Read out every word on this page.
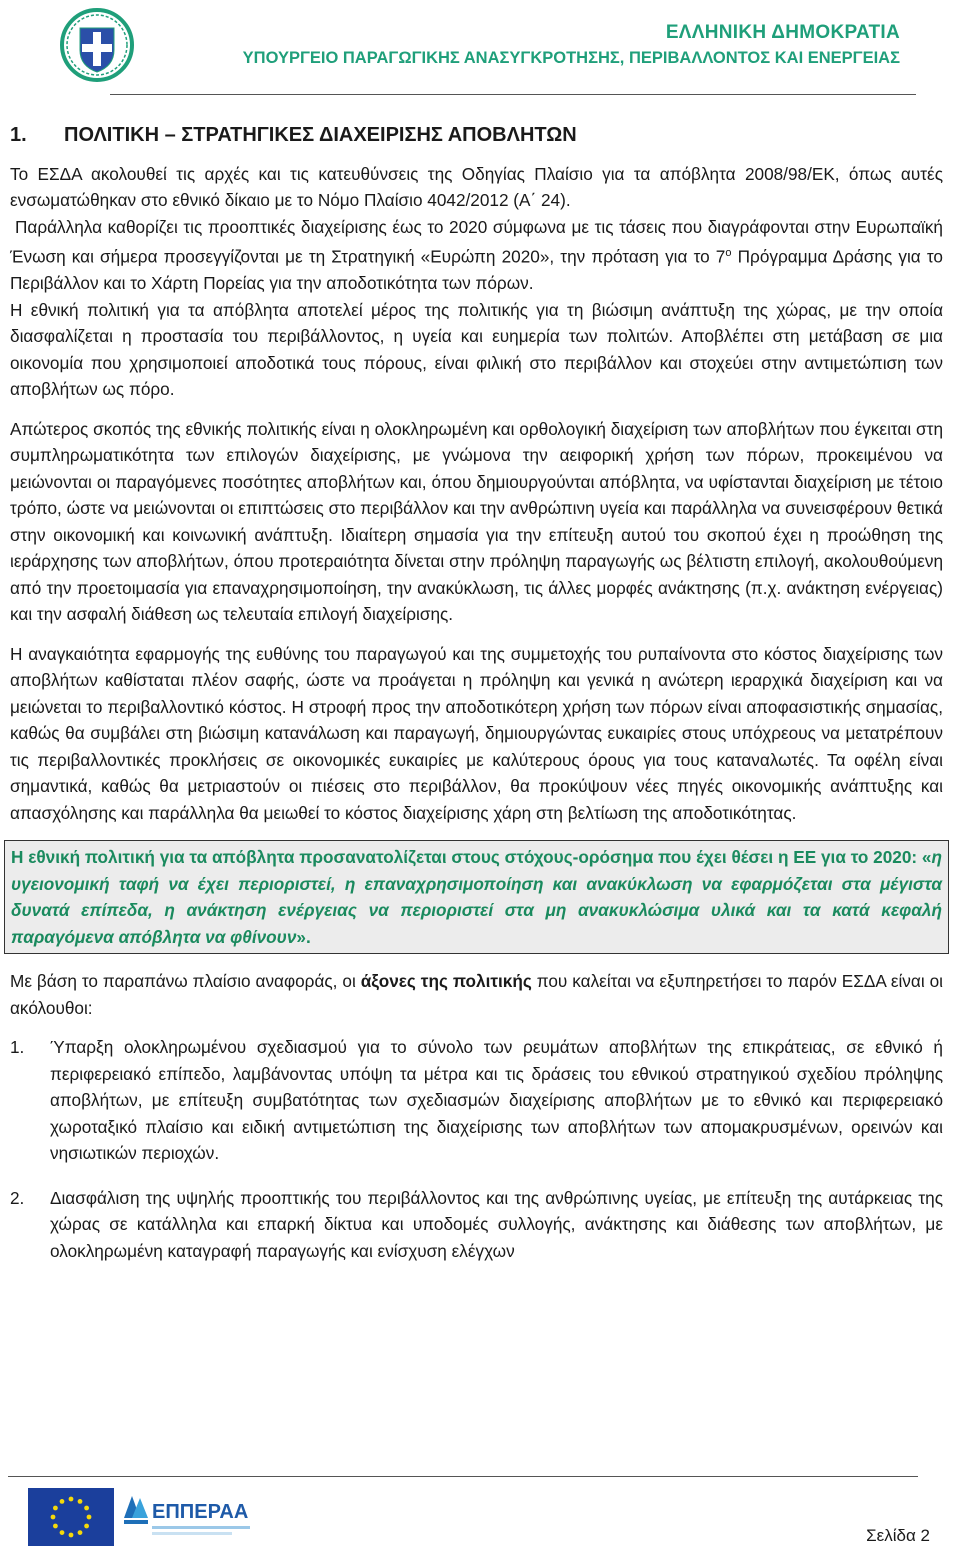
ΕΛΛΗΝΙΚΗ ΔΗΜΟΚΡΑΤΙΑ
ΥΠΟΥΡΓΕΙΟ ΠΑΡΑΓΩΓΙΚΗΣ ΑΝΑΣΥΓΚΡΟΤΗΣΗΣ, ΠΕΡΙΒΑΛΛΟΝΤΟΣ ΚΑΙ ΕΝΕΡΓΕΙΑΣ
1.	ΠΟΛΙΤΙΚΗ – ΣΤΡΑΤΗΓΙΚΕΣ ΔΙΑΧΕΙΡΙΣΗΣ ΑΠΟΒΛΗΤΩΝ

Το ΕΣΔΑ ακολουθεί τις αρχές και τις κατευθύνσεις της Οδηγίας Πλαίσιο για τα απόβλητα 2008/98/ΕΚ, όπως αυτές ενσωματώθηκαν στο εθνικό δίκαιο με το Νόμο Πλαίσιο 4042/2012 (Α΄ 24).

Παράλληλα καθορίζει τις προοπτικές διαχείρισης έως το 2020 σύμφωνα με τις τάσεις που διαγράφονται στην Ευρωπαϊκή Ένωση και σήμερα προσεγγίζονται με τη Στρατηγική «Ευρώπη 2020», την πρόταση για το $7^o$ Πρόγραμμα Δράσης για το Περιβάλλον και το Χάρτη Πορείας για την αποδοτικότητα των πόρων.

Η εθνική πολιτική για τα απόβλητα αποτελεί μέρος της πολιτικής για τη βιώσιμη ανάπτυξη της χώρας, με την οποία διασφαλίζεται η προστασία του περιβάλλοντος, η υγεία και ευημερία των πολιτών. Αποβλέπει στη μετάβαση σε μια οικονομία που χρησιμοποιεί αποδοτικά τους πόρους, είναι φιλική στο περιβάλλον και στοχεύει στην αντιμετώπιση των αποβλήτων ως πόρο.

Απώτερος σκοπός της εθνικής πολιτικής είναι η ολοκληρωμένη και ορθολογική διαχείριση των αποβλήτων που έγκειται στη συμπληρωματικότητα των επιλογών διαχείρισης, με γνώμονα την αειφορική χρήση των πόρων, προκειμένου να μειώνονται οι παραγόμενες ποσότητες αποβλήτων και, όπου δημιουργούνται απόβλητα, να υφίστανται διαχείριση με τέτοιο τρόπο, ώστε να μειώνονται οι επιπτώσεις στο περιβάλλον και την ανθρώπινη υγεία και παράλληλα να συνεισφέρουν θετικά στην οικονομική και κοινωνική ανάπτυξη. Ιδιαίτερη σημασία για την επίτευξη αυτού του σκοπού έχει η προώθηση της ιεράρχησης των αποβλήτων, όπου προτεραιότητα δίνεται στην πρόληψη παραγωγής ως βέλτιστη επιλογή, ακολουθούμενη από την προετοιμασία για επαναχρησιμοποίηση, την ανακύκλωση, τις άλλες μορφές ανάκτησης (π.χ. ανάκτηση ενέργειας) και την ασφαλή διάθεση ως τελευταία επιλογή διαχείρισης.

Η αναγκαιότητα εφαρμογής της ευθύνης του παραγωγού και της συμμετοχής του ρυπαίνοντα στο κόστος διαχείρισης των αποβλήτων καθίσταται πλέον σαφής, ώστε να προάγεται η πρόληψη και γενικά η ανώτερη ιεραρχικά διαχείριση και να μειώνεται το περιβαλλοντικό κόστος. Η στροφή προς την αποδοτικότερη χρήση των πόρων είναι αποφασιστικής σημασίας, καθώς θα συμβάλει στη βιώσιμη κατανάλωση και παραγωγή, δημιουργώντας ευκαιρίες στους υπόχρεους να μετατρέπουν τις περιβαλλοντικές προκλήσεις σε οικονομικές ευκαιρίες με καλύτερους όρους για τους καταναλωτές. Τα οφέλη είναι σημαντικά, καθώς θα μετριαστούν οι πιέσεις στο περιβάλλον, θα προκύψουν νέες πηγές οικονομικής ανάπτυξης και απασχόλησης και παράλληλα θα μειωθεί το κόστος διαχείρισης χάρη στη βελτίωση της αποδοτικότητας.

Η εθνική πολιτική για τα απόβλητα προσανατολίζεται στους στόχους-ορόσημα που έχει θέσει η ΕΕ για το 2020: «η υγειονομική ταφή να έχει περιοριστεί, η επαναχρησιμοποίηση και ανακύκλωση να εφαρμόζεται στα μέγιστα δυνατά επίπεδα, η ανάκτηση ενέργειας να περιοριστεί στα μη ανακυκλώσιμα υλικά και τα κατά κεφαλή παραγόμενα απόβλητα να φθίνουν».

Με βάση το παραπάνω πλαίσιο αναφοράς, οι άξονες της πολιτικής που καλείται να εξυπηρετήσει το παρόν ΕΣΔΑ είναι οι ακόλουθοι:

1.	Ύπαρξη ολοκληρωμένου σχεδιασμού για το σύνολο των ρευμάτων αποβλήτων της επικράτειας, σε εθνικό ή περιφερειακό επίπεδο, λαμβάνοντας υπόψη τα μέτρα και τις δράσεις του εθνικού στρατηγικού σχεδίου πρόληψης αποβλήτων, με επίτευξη συμβατότητας των σχεδιασμών διαχείρισης αποβλήτων με το εθνικό και περιφερειακό χωροταξικό πλαίσιο και ειδική αντιμετώπιση της διαχείρισης των αποβλήτων των απομακρυσμένων, ορεινών και νησιωτικών περιοχών.
2.	Διασφάλιση της υψηλής προοπτικής του περιβάλλοντος και της ανθρώπινης υγείας, με επίτευξη της αυτάρκειας της χώρας σε κατάλληλα και επαρκή δίκτυα και υποδομές συλλογής, ανάκτησης και διάθεσης των αποβλήτων, με ολοκληρωμένη καταγραφή παραγωγής και ενίσχυση ελέγχων
ΕΠΠΕΡΑΑ
Σελίδα 2
